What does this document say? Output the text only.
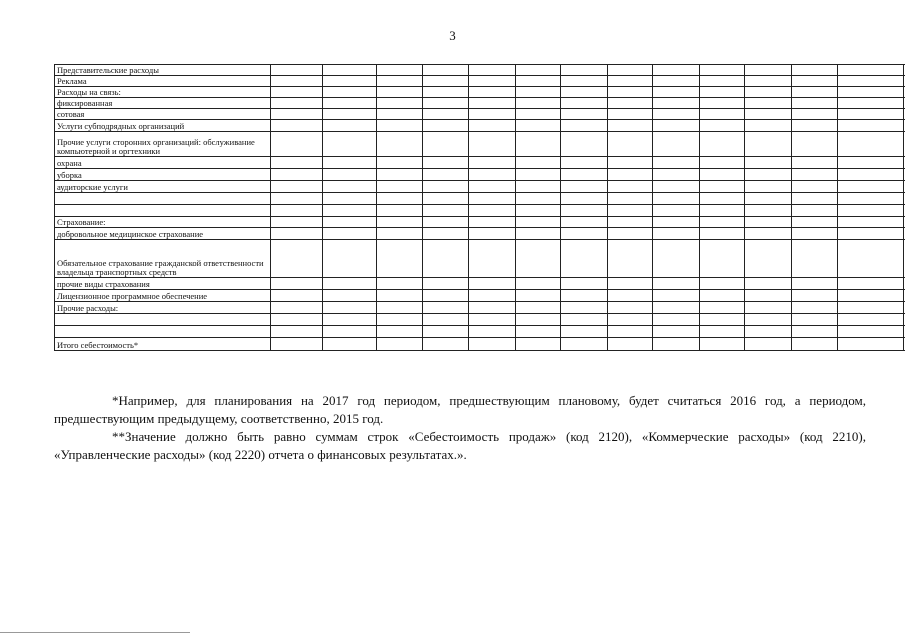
3
Представительские расходы														
Реклама														
Расходы на связь:														
фиксированная														
сотовая														
Услуги субподрядных организаций														
Прочие услуги сторонних организаций: обслуживание компьютерной и оргтехники														
охрана														
уборка														
аудиторские услуги														

Страхование:														
добровольное медицинское страхование														
Обязательное страхование гражданской ответственности владельца транспортных средств														
прочие виды страхования														
Лицензионное программное обеспечение														
Прочие расходы:														

Итого себестоимость*														

*Например, для планирования на 2017 год периодом, предшествующим плановому, будет считаться 2016 год, а периодом, предшествующим предыдущему, соответственно, 2015 год.

**Значение должно быть равно суммам строк «Себестоимость продаж» (код 2120), «Коммерческие расходы» (код 2210), «Управленческие расходы» (код 2220) отчета о финансовых результатах.».
